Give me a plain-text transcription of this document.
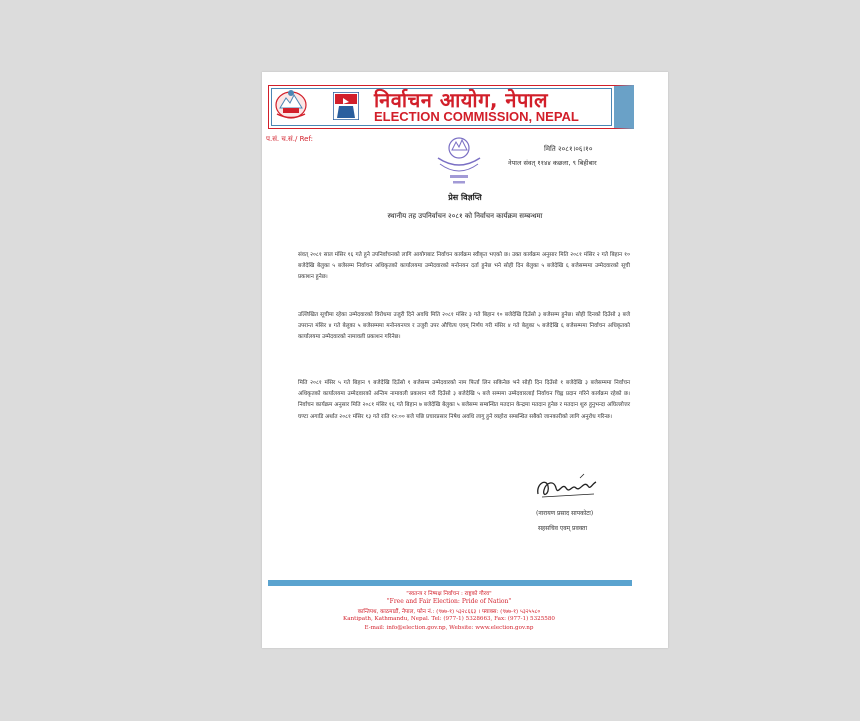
निर्वाचन आयोग, नेपाल
ELECTION COMMISSION, NEPAL
प.सं. च.सं./ Ref:
मिति २०८१।०६।१०
नेपाल संवत् ११४४ कछला, ९ बिहीबार
प्रेस विज्ञप्ति
स्थानीय तह उपनिर्वाचन २०८१ को निर्वाचन कार्यक्रम सम्बन्धमा

संवत् २०८१ साल मंसिर १६ गते हुने उपनिर्वाचनको लागि आयोगबाट निर्वाचन कार्यक्रम स्वीकृत भएको छ। उक्त कार्यक्रम अनुसार मिति २०८१ मंसिर २ गते बिहान १० बजेदेखि बेलुका ५ बजेसम्म निर्वाचन अधिकृतको कार्यालयमा उम्मेदवारको मनोनयन दर्ता हुनेछ भने सोही दिन बेलुका ५ बजेदेखि ६ बजेसम्ममा उम्मेदवारको सूची प्रकाशन हुनेछ।

उल्लिखित सूचीमा रहेका उम्मेदवारको विरोधमा उजुरी दिने अवधि मिति २०८१ मंसिर ३ गते बिहान १० बजेदेखि दिउँसो ३ बजेसम्म हुनेछ। सोही दिनको दिउँसो ३ बजे उपरान्त मंसिर ४ गते बेलुका ५ बजेसम्ममा मनोनयनपत्र र उजुरी उपर औचित्य एवम् निर्णय गरी मंसिर ४ गते बेलुका ५ बजेदेखि ६ बजेसम्ममा निर्वाचन अधिकृतको कार्यालयमा उम्मेदवारको नामावली प्रकाशन गरिनेछ।

मिति २०८१ मंसिर ५ गते बिहान ९ बजेदेखि दिउँसो १ बजेसम्म उम्मेदवारको नाम फिर्ता लिन सकिनेछ भने सोही दिन दिउँसो १ बजेदेखि ३ बजेसम्ममा निर्वाचन अधिकृतको कार्यालयमा उम्मेदवारको अन्तिम नामावली प्रकाशन गरी दिउँसो ३ बजेदेखि ५ बजे सम्ममा उम्मेदवारलाई निर्वाचन चिह्न प्रदान गरिने कार्यक्रम रहेको छ। निर्वाचन कार्यक्रम अनुसार मिति २०८१ मंसिर १६ गते बिहान ७ बजेदेखि बेलुका ५ बजेसम्म सम्बन्धित मतदान केन्द्रमा मतदान हुनेछ र मतदान शुरु हुनुभन्दा अघिल्लोत्तर घण्टा अगाडि अर्थात २०८१ मंसिर १३ गते राति १२:०० बजे पछि प्रचारप्रसार निषेध अवधि लागु हुने व्यहोरा सम्बन्धित सबैको जानकारीको लागि अनुरोध गरिन्छ।

(नारायण प्रसाद सापकोटा)
सहसचिव एवम् प्रवक्ता
"स्वतन्त्र र निष्पक्ष निर्वाचन : राष्ट्रको गौरव"
"Free and Fair Election: Pride of Nation"
कान्तिपथ, काठमाडौं, नेपाल, फोन नं.: (९७७-१) ५३२८६६३ । फ्याक्स: (९७७-१) ५३२५५८०
Kantipath, Kathmandu, Nepal. Tel: (977-1) 5328663, Fax: (977-1) 5325580
E-mail: info@election.gov.np, Website: www.election.gov.np
